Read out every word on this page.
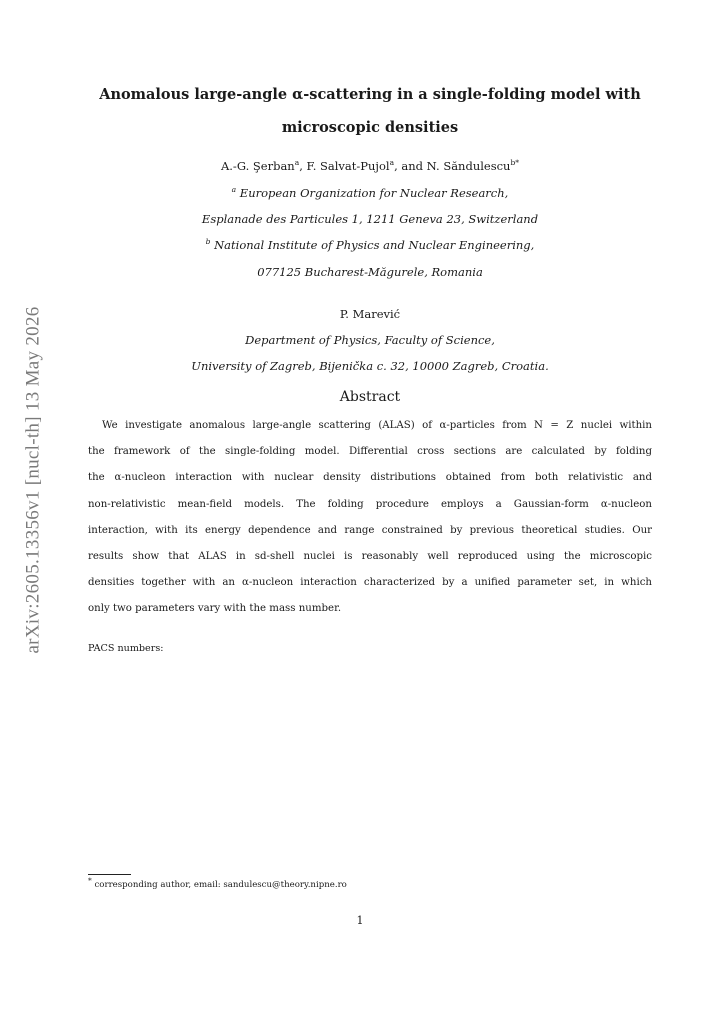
arXiv:2605.13356v1 [nucl-th] 13 May 2026
Anomalous large-angle α-scattering in a single-folding model with
microscopic densities
A.-G. Şerban$^a$, F. Salvat-Pujol$^a$, and N. Săndulescu$^{b*}$
$^a$ European Organization for Nuclear Research,
Esplanade des Particules 1, 1211 Geneva 23, Switzerland
$^b$ National Institute of Physics and Nuclear Engineering,
077125 Bucharest-Măgurele, Romania
P. Marević
Department of Physics, Faculty of Science,
University of Zagreb, Bijenička c. 32, 10000 Zagreb, Croatia.
Abstract
We investigate anomalous large-angle scattering (ALAS) of α-particles from N = Z nuclei within
the framework of the single-folding model. Differential cross sections are calculated by folding
the α-nucleon interaction with nuclear density distributions obtained from both relativistic and
non-relativistic mean-field models. The folding procedure employs a Gaussian-form α-nucleon
interaction, with its energy dependence and range constrained by previous theoretical studies. Our
results show that ALAS in sd-shell nuclei is reasonably well reproduced using the microscopic
densities together with an α-nucleon interaction characterized by a unified parameter set, in which
only two parameters vary with the mass number.
PACS numbers:
* corresponding author, email: sandulescu@theory.nipne.ro
1
